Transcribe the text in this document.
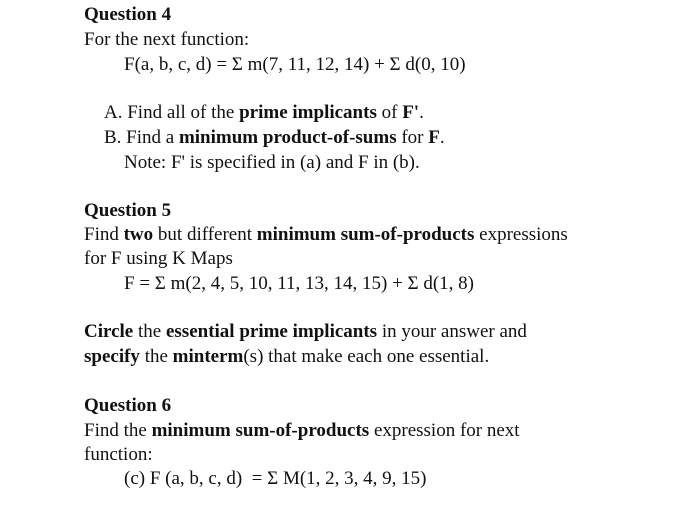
Question 4
For the next function:
F(a, b, c, d) = Σ m(7, 11, 12, 14) + Σ d(0, 10)
A. Find all of the prime implicants of F'.
B. Find a minimum product-of-sums for F.
Note: F' is specified in (a) and F in (b).
Question 5
Find two but different minimum sum-of-products expressions
for F using K Maps
F = Σ m(2, 4, 5, 10, 11, 13, 14, 15) + Σ d(1, 8)
Circle the essential prime implicants in your answer and
specify the minterm(s) that make each one essential.
Question 6
Find the minimum sum-of-products expression for next
function:
(c) F (a, b, c, d)  = Σ M(1, 2, 3, 4, 9, 15)
